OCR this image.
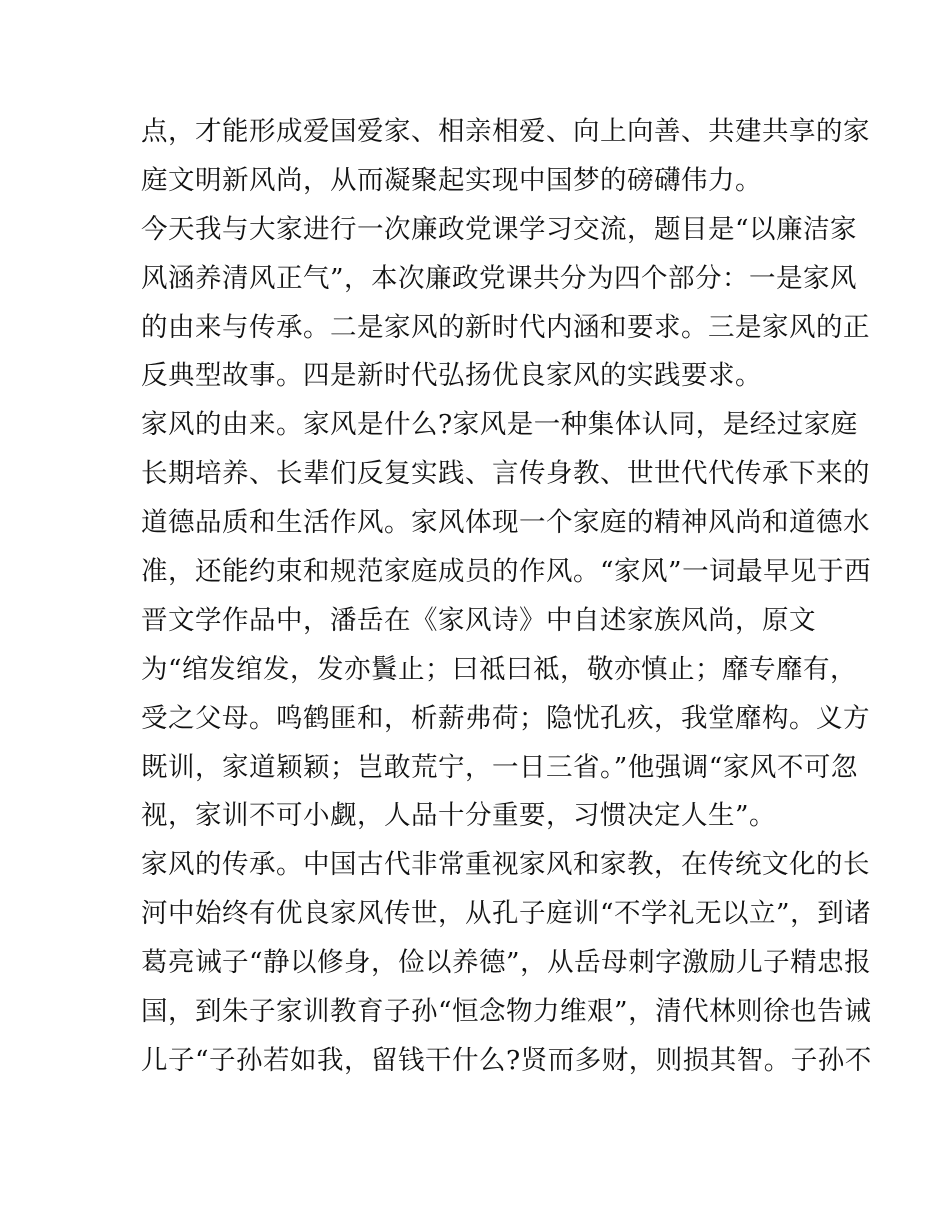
点，才能形成爱国爱家、相亲相爱、向上向善、共建共享的家
庭文明新风尚，从而凝聚起实现中国梦的磅礴伟力。
今天我与大家进行一次廉政党课学习交流，题目是“以廉洁家
风涵养清风正气”，本次廉政党课共分为四个部分：一是家风
的由来与传承。二是家风的新时代内涵和要求。三是家风的正
反典型故事。四是新时代弘扬优良家风的实践要求。
家风的由来。家风是什么?家风是一种集体认同，是经过家庭
长期培养、长辈们反复实践、言传身教、世世代代传承下来的
道德品质和生活作风。家风体现一个家庭的精神风尚和道德水
准，还能约束和规范家庭成员的作风。“家风”一词最早见于西
晋文学作品中，潘岳在《家风诗》中自述家族风尚，原文
为“绾发绾发，发亦鬒止；曰祗曰祗，敬亦慎止；靡专靡有，
受之父母。鸣鹤匪和，析薪弗荷；隐忧孔疚，我堂靡构。义方
既训，家道颖颖；岂敢荒宁，一日三省。”他强调“家风不可忽
视，家训不可小觑，人品十分重要，习惯决定人生”。
家风的传承。中国古代非常重视家风和家教，在传统文化的长
河中始终有优良家风传世，从孔子庭训“不学礼无以立”，到诸
葛亮诫子“静以修身，俭以养德”，从岳母刺字激励儿子精忠报
国，到朱子家训教育子孙“恒念物力维艰”，清代林则徐也告诫
儿子“子孙若如我，留钱干什么?贤而多财，则损其智。子孙不
